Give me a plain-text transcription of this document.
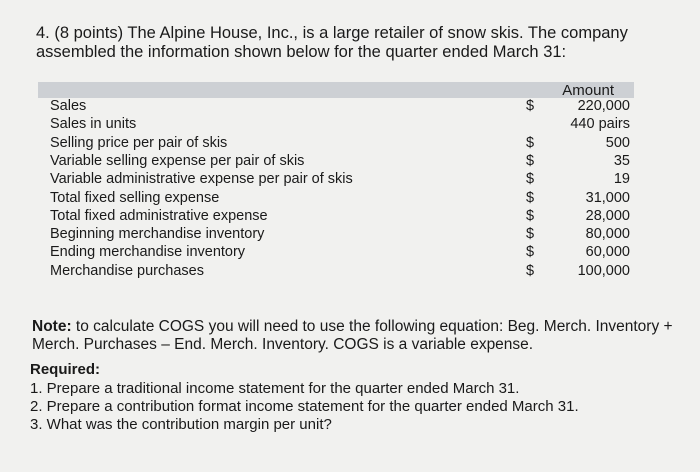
4. (8 points) The Alpine House, Inc., is a large retailer of snow skis. The company assembled the information shown below for the quarter ended March 31:
Amount
Sales	$	220,000
Sales in units	440 pairs
Selling price per pair of skis	$	500
Variable selling expense per pair of skis	$	35
Variable administrative expense per pair of skis	$	19
Total fixed selling expense	$	31,000
Total fixed administrative expense	$	28,000
Beginning merchandise inventory	$	80,000
Ending merchandise inventory	$	60,000
Merchandise purchases	$	100,000
Note: to calculate COGS you will need to use the following equation: Beg. Merch. Inventory + Merch. Purchases – End. Merch. Inventory. COGS is a variable expense.
Required:
1. Prepare a traditional income statement for the quarter ended March 31.
2. Prepare a contribution format income statement for the quarter ended March 31.
3. What was the contribution margin per unit?
